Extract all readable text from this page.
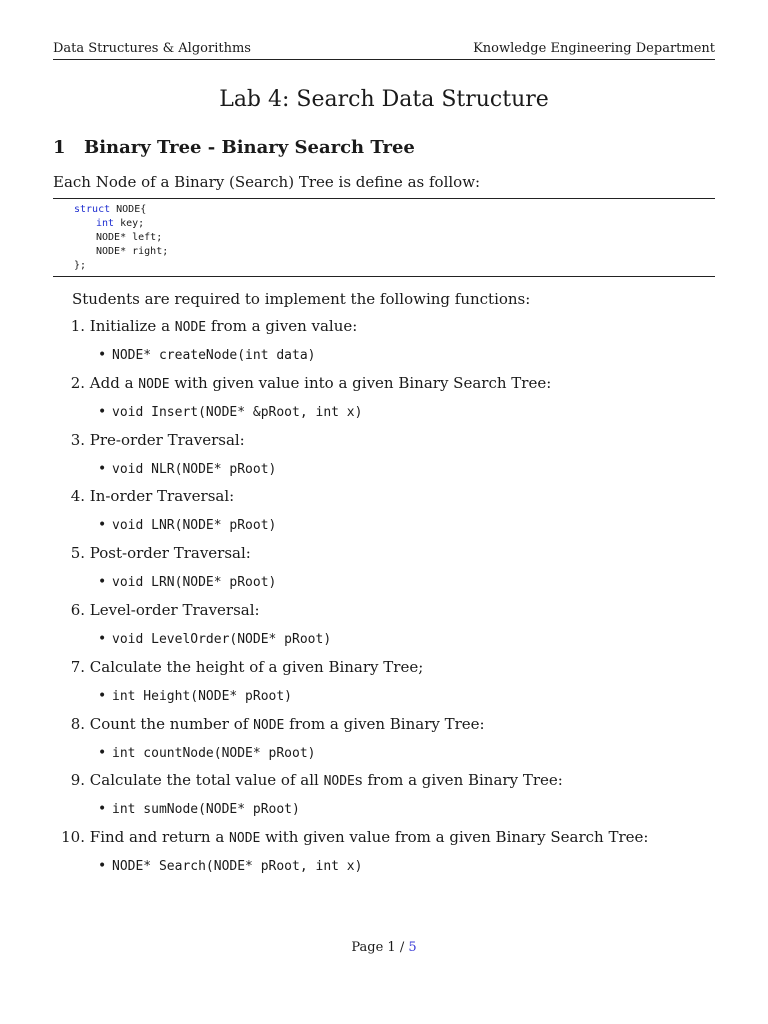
Data Structures & Algorithms	Knowledge Engineering Department
Lab 4: Search Data Structure
1 Binary Tree - Binary Search Tree
Each Node of a Binary (Search) Tree is define as follow:
struct NODE{
int key;
NODE* left;
NODE* right;
};
Students are required to implement the following functions:
1. Initialize a NODE from a given value:
• NODE* createNode(int data)
2. Add a NODE with given value into a given Binary Search Tree:
• void Insert(NODE* &pRoot, int x)
3. Pre-order Traversal:
• void NLR(NODE* pRoot)
4. In-order Traversal:
• void LNR(NODE* pRoot)
5. Post-order Traversal:
• void LRN(NODE* pRoot)
6. Level-order Traversal:
• void LevelOrder(NODE* pRoot)
7. Calculate the height of a given Binary Tree;
• int Height(NODE* pRoot)
8. Count the number of NODE from a given Binary Tree:
• int countNode(NODE* pRoot)
9. Calculate the total value of all NODEs from a given Binary Tree:
• int sumNode(NODE* pRoot)
10. Find and return a NODE with given value from a given Binary Search Tree:
• NODE* Search(NODE* pRoot, int x)
Page 1 / 5
